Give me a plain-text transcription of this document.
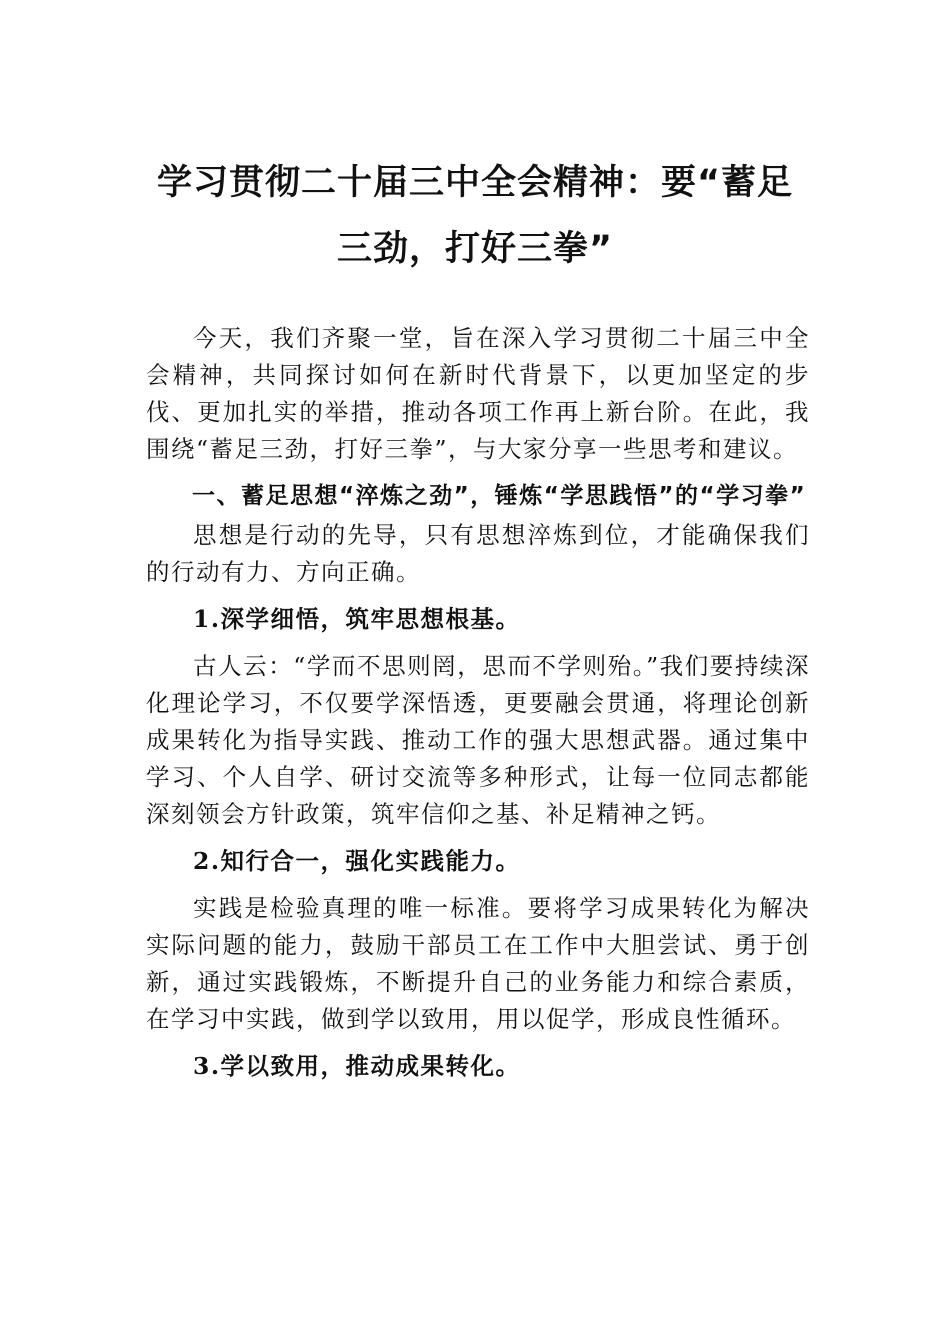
学习贯彻二十届三中全会精神：要“蓄足三劲，打好三拳”

今天，我们齐聚一堂，旨在深入学习贯彻二十届三中全会精神，共同探讨如何在新时代背景下，以更加坚定的步伐、更加扎实的举措，推动各项工作再上新台阶。在此，我围绕“蓄足三劲，打好三拳”，与大家分享一些思考和建议。

一、蓄足思想“淬炼之劲”，锤炼“学思践悟”的“学习拳”

思想是行动的先导，只有思想淬炼到位，才能确保我们的行动有力、方向正确。

1.深学细悟，筑牢思想根基。

古人云：“学而不思则罔，思而不学则殆。”我们要持续深化理论学习，不仅要学深悟透，更要融会贯通，将理论创新成果转化为指导实践、推动工作的强大思想武器。通过集中学习、个人自学、研讨交流等多种形式，让每一位同志都能深刻领会方针政策，筑牢信仰之基、补足精神之钙。

2.知行合一，强化实践能力。

实践是检验真理的唯一标准。要将学习成果转化为解决实际问题的能力，鼓励干部员工在工作中大胆尝试、勇于创新，通过实践锻炼，不断提升自己的业务能力和综合素质，在学习中实践，做到学以致用，用以促学，形成良性循环。

3.学以致用，推动成果转化。
